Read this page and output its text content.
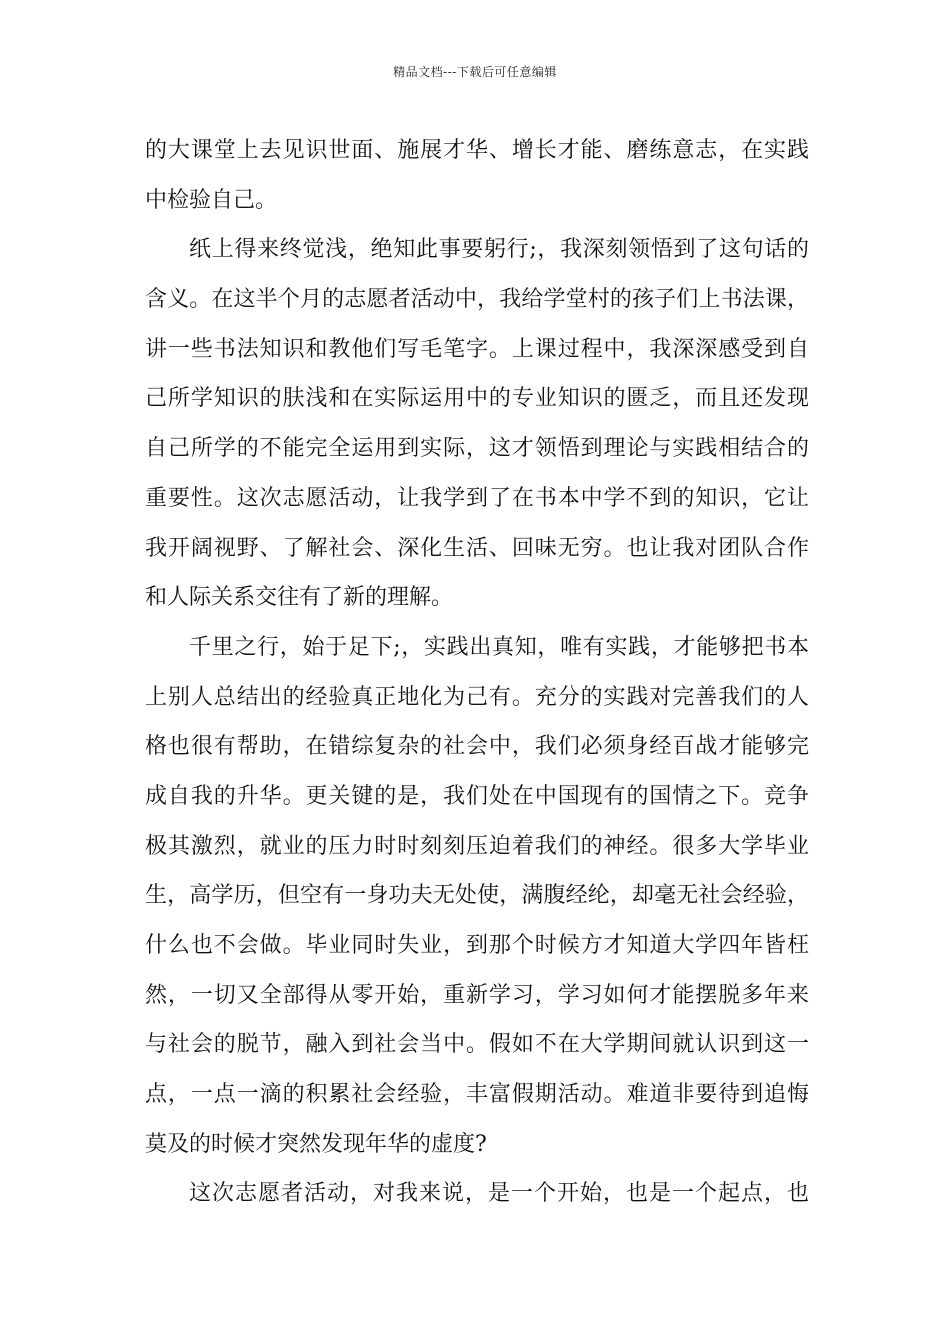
精品文档---下载后可任意编辑
的大课堂上去见识世面、施展才华、增长才能、磨练意志，在实践
中检验自己。
纸上得来终觉浅，绝知此事要躬行;，我深刻领悟到了这句话的
含义。在这半个月的志愿者活动中，我给学堂村的孩子们上书法课，
讲一些书法知识和教他们写毛笔字。上课过程中，我深深感受到自
己所学知识的肤浅和在实际运用中的专业知识的匮乏，而且还发现
自己所学的不能完全运用到实际，这才领悟到理论与实践相结合的
重要性。这次志愿活动，让我学到了在书本中学不到的知识，它让
我开阔视野、了解社会、深化生活、回味无穷。也让我对团队合作
和人际关系交往有了新的理解。
千里之行，始于足下;，实践出真知，唯有实践，才能够把书本
上别人总结出的经验真正地化为己有。充分的实践对完善我们的人
格也很有帮助，在错综复杂的社会中，我们必须身经百战才能够完
成自我的升华。更关键的是，我们处在中国现有的国情之下。竞争
极其激烈，就业的压力时时刻刻压迫着我们的神经。很多大学毕业
生，高学历，但空有一身功夫无处使，满腹经纶，却毫无社会经验，
什么也不会做。毕业同时失业，到那个时候方才知道大学四年皆枉
然，一切又全部得从零开始，重新学习，学习如何才能摆脱多年来
与社会的脱节，融入到社会当中。假如不在大学期间就认识到这一
点，一点一滴的积累社会经验，丰富假期活动。难道非要待到追悔
莫及的时候才突然发现年华的虚度?
这次志愿者活动，对我来说，是一个开始，也是一个起点，也
